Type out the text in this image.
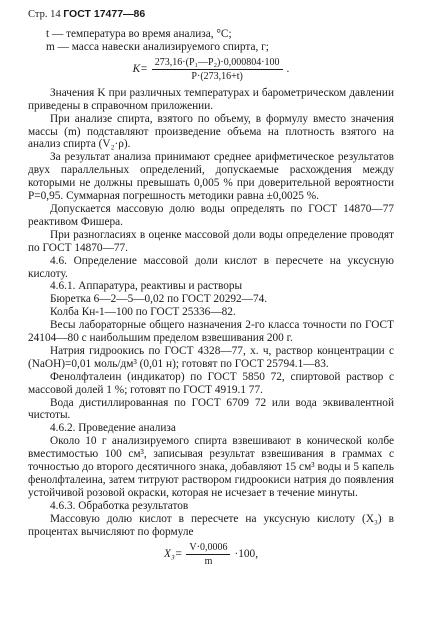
Стр. 14 ГОСТ 17477—86

t — температура во время анализа, °С;

m — масса навески анализируемого спирта, г;

$K= \frac{\text{273,16·(P₁—P₂)·0,000804·100}}{P\cdot(273,16+t)}$ .

Значения K при различных температурах и барометрическом давлении приведены в справочном приложении.

При анализе спирта, взятого по объему, в формулу вместо значения массы (m) подставляют произведение объема на плотность взятого на анализ спирта (V₂·ρ).

За результат анализа принимают среднее арифметическое результатов двух параллельных определений, допускаемые расхождения между которыми не должны превышать 0,005 % при доверительной вероятности P=0,95. Суммарная погрешность методики равна ±0,0025 %.

Допускается массовую долю воды определять по ГОСТ 14870—77 реактивом Фишера.

При разногласиях в оценке массовой доли воды определение проводят по ГОСТ 14870—77.

4.6. Определение массовой доли кислот в пересчете на уксусную кислоту.

4.6.1. Аппаратура, реактивы и растворы

Бюретка 6—2—5—0,02 по ГОСТ 20292—74.

Колба Кн-1—100 по ГОСТ 25336—82.

Весы лабораторные общего назначения 2-го класса точности по ГОСТ 24104—80 с наибольшим пределом взвешивания 200 г.

Натрия гидроокись по ГОСТ 4328—77, х. ч, раствор концентрации c (NaOH)=0,01 моль/дм³ (0,01 н); готовят по ГОСТ 25794.1—83.

Фенолфталеин (индикатор) по ГОСТ 5850 72, спиртовой раствор с массовой долей 1 %; готовят по ГОСТ 4919.1 77.

Вода дистиллированная по ГОСТ 6709 72 или вода эквивалентной чистоты.

4.6.2. Проведение анализа

Около 10 г анализируемого спирта взвешивают в конической колбе вместимостью 100 см³, записывая результат взвешивания в граммах с точностью до второго десятичного знака, добавляют 15 см³ воды и 5 капель фенолфталеина, затем титруют раствором гидроокиси натрия до появления устойчивой розовой окраски, которая не исчезает в течение минуты.

4.6.3. Обработка результатов

Массовую долю кислот в пересчете на уксусную кислоту (X₃) в процентах вычисляют по формуле

$X_3= \frac{V\cdot 0,0006}{m} \cdot 100$,
